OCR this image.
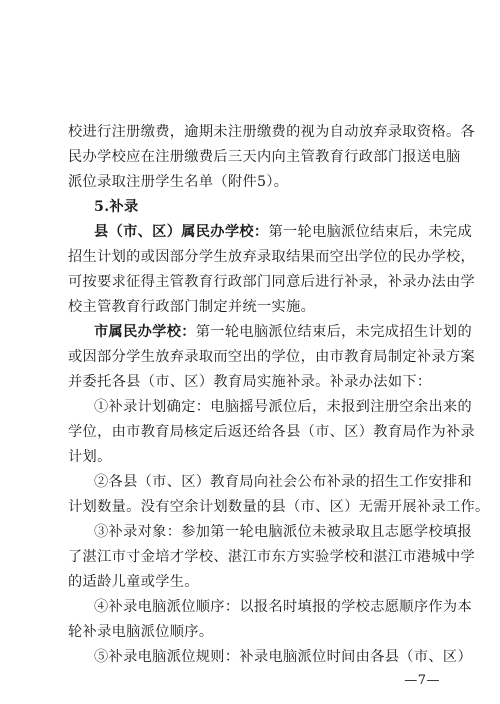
校进行注册缴费，逾期未注册缴费的视为自动放弃录取资格。各
民办学校应在注册缴费后三天内向主管教育行政部门报送电脑
派位录取注册学生名单（附件5）。
5.补录
县（市、区）属民办学校：第一轮电脑派位结束后，未完成
招生计划的或因部分学生放弃录取结果而空出学位的民办学校，
可按要求征得主管教育行政部门同意后进行补录，补录办法由学
校主管教育行政部门制定并统一实施。
市属民办学校：第一轮电脑派位结束后，未完成招生计划的
或因部分学生放弃录取而空出的学位，由市教育局制定补录方案
并委托各县（市、区）教育局实施补录。补录办法如下：
①补录计划确定：电脑摇号派位后，未报到注册空余出来的
学位，由市教育局核定后返还给各县（市、区）教育局作为补录
计划。
②各县（市、区）教育局向社会公布补录的招生工作安排和
计划数量。没有空余计划数量的县（市、区）无需开展补录工作。
③补录对象：参加第一轮电脑派位未被录取且志愿学校填报
了湛江市寸金培才学校、湛江市东方实验学校和湛江市港城中学
的适龄儿童或学生。
④补录电脑派位顺序：以报名时填报的学校志愿顺序作为本
轮补录电脑派位顺序。
⑤补录电脑派位规则：补录电脑派位时间由各县（市、区）
—7—
